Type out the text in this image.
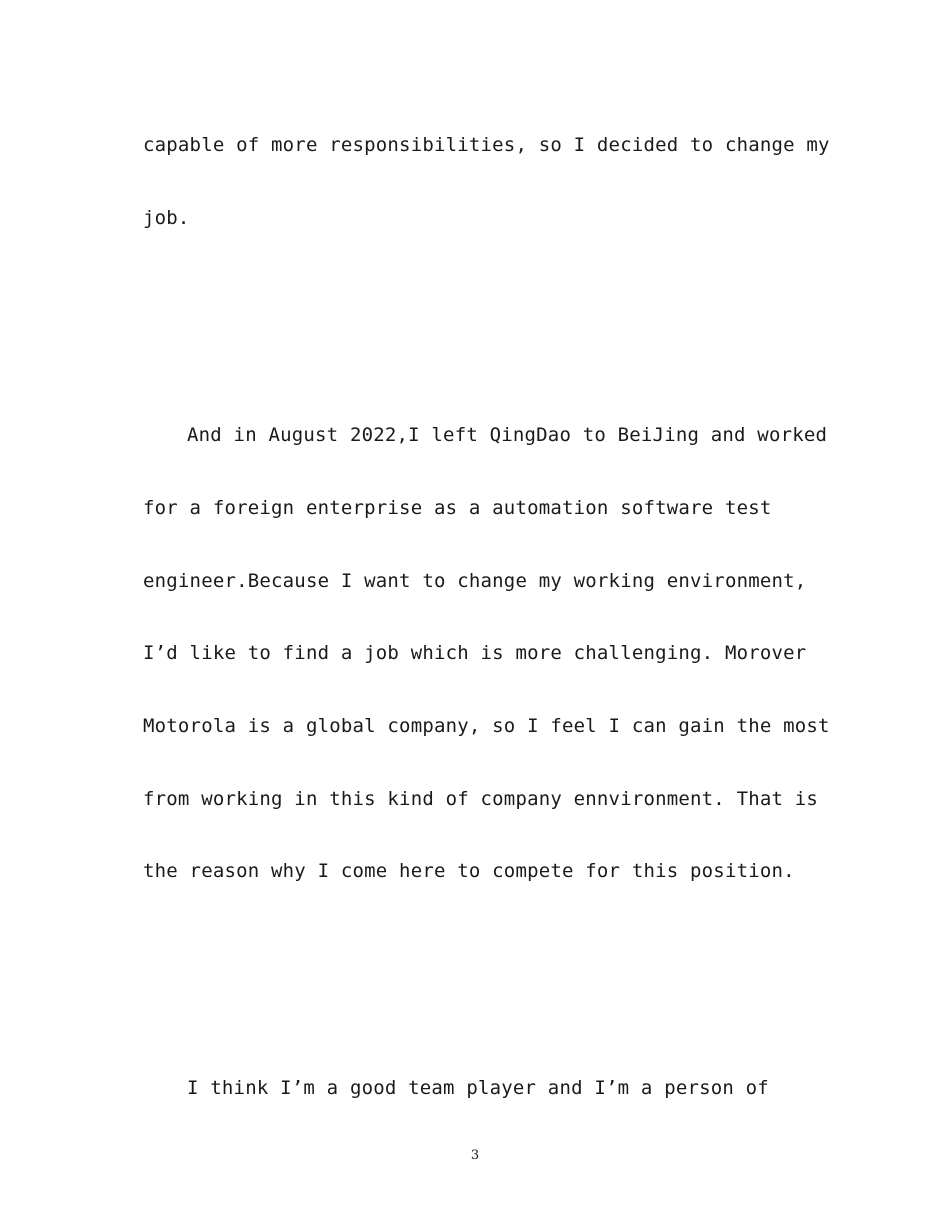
capable of more responsibilities, so I decided to change my
job.
And in August 2022,I left QingDao to BeiJing and worked
for a foreign enterprise as a automation software test
engineer.Because I want to change my working environment,
I’d like to find a job which is more challenging. Morover
Motorola is a global company, so I feel I can gain the most
from working in this kind of company ennvironment. That is
the reason why I come here to compete for this position.
I think I’m a good team player and I’m a person of
3
